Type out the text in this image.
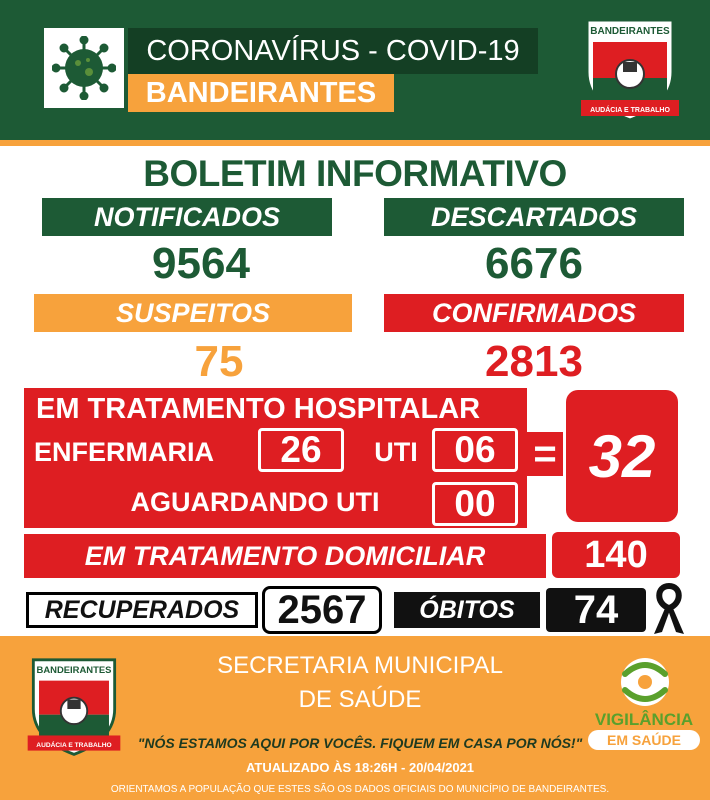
CORONAVÍRUS - COVID-19
BANDEIRANTES
BANDEIRANTES
AUDÁCIA E TRABALHO
BOLETIM INFORMATIVO
NOTIFICADOS	DESCARTADOS
9564	6676
SUSPEITOS	CONFIRMADOS
75	2813
EM TRATAMENTO HOSPITALAR
ENFERMARIA	26	UTI 06
AGUARDANDO UTI	00
= 32
EM TRATAMENTO DOMICILIAR	140
RECUPERADOS 2567	ÓBITOS	74
BANDEIRANTES
AUDÁCIA E TRABALHO
SECRETARIA MUNICIPAL
DE SAÚDE
"NÓS ESTAMOS AQUI POR VOCÊS. FIQUEM EM CASA POR NÓS!"
ATUALIZADO ÀS 18:26H - 20/04/2021
ORIENTAMOS A POPULAÇÃO QUE ESTES SÃO OS DADOS OFICIAIS DO MUNICÍPIO DE BANDEIRANTES.
VIGILÂNCIA
EM SAÚDE
